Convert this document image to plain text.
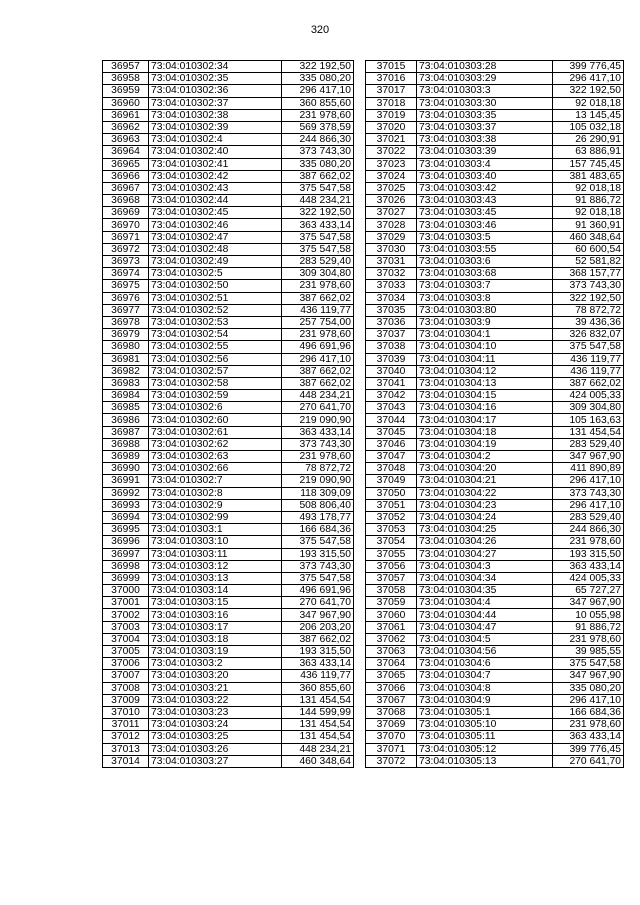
320
36957	73:04:010302:34	322 192,50
36958	73:04:010302:35	335 080,20
36959	73:04:010302:36	296 417,10
36960	73:04:010302:37	360 855,60
36961	73:04:010302:38	231 978,60
36962	73:04:010302:39	569 378,59
36963	73:04:010302:4	244 866,30
36964	73:04:010302:40	373 743,30
36965	73:04:010302:41	335 080,20
36966	73:04:010302:42	387 662,02
36967	73:04:010302:43	375 547,58
36968	73:04:010302:44	448 234,21
36969	73:04:010302:45	322 192,50
36970	73:04:010302:46	363 433,14
36971	73:04:010302:47	375 547,58
36972	73:04:010302:48	375 547,58
36973	73:04:010302:49	283 529,40
36974	73:04:010302:5	309 304,80
36975	73:04:010302:50	231 978,60
36976	73:04:010302:51	387 662,02
36977	73:04:010302:52	436 119,77
36978	73:04:010302:53	257 754,00
36979	73:04:010302:54	231 978,60
36980	73:04:010302:55	496 691,96
36981	73:04:010302:56	296 417,10
36982	73:04:010302:57	387 662,02
36983	73:04:010302:58	387 662,02
36984	73:04:010302:59	448 234,21
36985	73:04:010302:6	270 641,70
36986	73:04:010302:60	219 090,90
36987	73:04:010302:61	363 433,14
36988	73:04:010302:62	373 743,30
36989	73:04:010302:63	231 978,60
36990	73:04:010302:66	78 872,72
36991	73:04:010302:7	219 090,90
36992	73:04:010302:8	118 309,09
36993	73:04:010302:9	508 806,40
36994	73:04:010302:99	493 178,77
36995	73:04:010303:1	166 684,36
36996	73:04:010303:10	375 547,58
36997	73:04:010303:11	193 315,50
36998	73:04:010303:12	373 743,30
36999	73:04:010303:13	375 547,58
37000	73:04:010303:14	496 691,96
37001	73:04:010303:15	270 641,70
37002	73:04:010303:16	347 967,90
37003	73:04:010303:17	206 203,20
37004	73:04:010303:18	387 662,02
37005	73:04:010303:19	193 315,50
37006	73:04:010303:2	363 433,14
37007	73:04:010303:20	436 119,77
37008	73:04:010303:21	360 855,60
37009	73:04:010303:22	131 454,54
37010	73:04:010303:23	144 599,99
37011	73:04:010303:24	131 454,54
37012	73:04:010303:25	131 454,54
37013	73:04:010303:26	448 234,21
37014	73:04:010303:27	460 348,64
37015	73:04:010303:28	399 776,45
37016	73:04:010303:29	296 417,10
37017	73:04:010303:3	322 192,50
37018	73:04:010303:30	92 018,18
37019	73:04:010303:35	13 145,45
37020	73:04:010303:37	105 032,18
37021	73:04:010303:38	26 290,91
37022	73:04:010303:39	63 886,91
37023	73:04:010303:4	157 745,45
37024	73:04:010303:40	381 483,65
37025	73:04:010303:42	92 018,18
37026	73:04:010303:43	91 886,72
37027	73:04:010303:45	92 018,18
37028	73:04:010303:46	91 360,91
37029	73:04:010303:5	460 348,64
37030	73:04:010303:55	60 600,54
37031	73:04:010303:6	52 581,82
37032	73:04:010303:68	368 157,77
37033	73:04:010303:7	373 743,30
37034	73:04:010303:8	322 192,50
37035	73:04:010303:80	78 872,72
37036	73:04:010303:9	39 436,36
37037	73:04:010304:1	326 832,07
37038	73:04:010304:10	375 547,58
37039	73:04:010304:11	436 119,77
37040	73:04:010304:12	436 119,77
37041	73:04:010304:13	387 662,02
37042	73:04:010304:15	424 005,33
37043	73:04:010304:16	309 304,80
37044	73:04:010304:17	105 163,63
37045	73:04:010304:18	131 454,54
37046	73:04:010304:19	283 529,40
37047	73:04:010304:2	347 967,90
37048	73:04:010304:20	411 890,89
37049	73:04:010304:21	296 417,10
37050	73:04:010304:22	373 743,30
37051	73:04:010304:23	296 417,10
37052	73:04:010304:24	283 529,40
37053	73:04:010304:25	244 866,30
37054	73:04:010304:26	231 978,60
37055	73:04:010304:27	193 315,50
37056	73:04:010304:3	363 433,14
37057	73:04:010304:34	424 005,33
37058	73:04:010304:35	65 727,27
37059	73:04:010304:4	347 967,90
37060	73:04:010304:44	10 055,98
37061	73:04:010304:47	91 886,72
37062	73:04:010304:5	231 978,60
37063	73:04:010304:56	39 985,55
37064	73:04:010304:6	375 547,58
37065	73:04:010304:7	347 967,90
37066	73:04:010304:8	335 080,20
37067	73:04:010304:9	296 417,10
37068	73:04:010305:1	166 684,36
37069	73:04:010305:10	231 978,60
37070	73:04:010305:11	363 433,14
37071	73:04:010305:12	399 776,45
37072	73:04:010305:13	270 641,70
